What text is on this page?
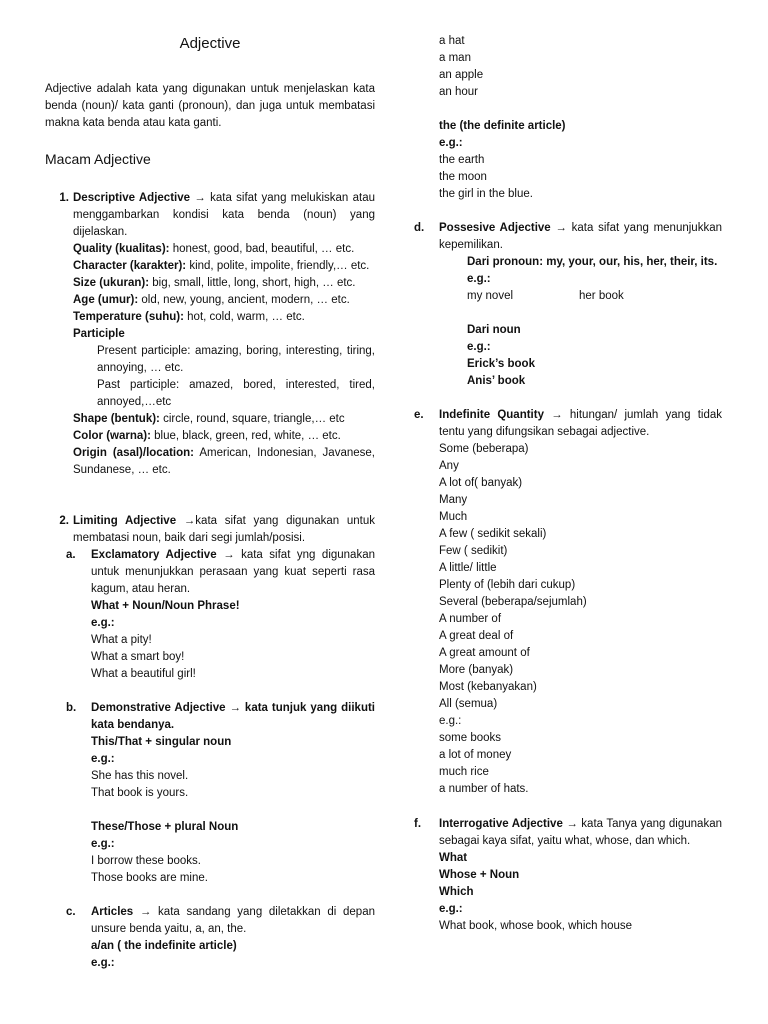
Adjective
Adjective adalah kata yang digunakan untuk menjelaskan kata benda (noun)/ kata ganti (pronoun), dan juga untuk membatasi makna kata benda atau kata ganti.
Macam Adjective
1. Descriptive Adjective → kata sifat yang melukiskan atau menggambarkan kondisi kata benda (noun) yang dijelaskan.
Quality (kualitas): honest, good, bad, beautiful, … etc.
Character (karakter): kind, polite, impolite, friendly,… etc.
Size (ukuran): big, small, little, long, short, high, … etc.
Age (umur): old, new, young, ancient, modern, … etc.
Temperature (suhu): hot, cold, warm, … etc.
Participle
Present participle: amazing, boring, interesting, tiring, annoying, … etc.
Past participle: amazed, bored, interested, tired, annoyed,…etc
Shape (bentuk): circle, round, square, triangle,… etc
Color (warna): blue, black, green, red, white, … etc.
Origin (asal)/location: American, Indonesian, Javanese, Sundanese, … etc.
2. Limiting Adjective →kata sifat yang digunakan untuk membatasi noun, baik dari segi jumlah/posisi.
a.	Exclamatory Adjective → kata sifat yng digunakan untuk menunjukkan perasaan yang kuat seperti rasa kagum, atau heran.
What + Noun/Noun Phrase!
e.g.:
What a pity!
What a smart boy!
What a beautiful girl!
b.	Demonstrative Adjective → kata tunjuk yang diikuti kata bendanya.
This/That + singular noun
e.g.:
She has this novel.
That book is yours.
These/Those + plural Noun
e.g.:
I borrow these books.
Those books are mine.
c.	Articles → kata sandang yang diletakkan di depan unsure benda yaitu, a, an, the.
a/an ( the indefinite article)
e.g.:
a hat
a man
an apple
an hour
the (the definite article)
e.g.:
the earth
the moon
the girl in the blue.
d.	Possesive Adjective → kata sifat yang menunjukkan kepemilikan.
Dari pronoun: my, your, our, his, her, their, its.
e.g.:
my novel	her book
Dari noun
e.g.:
Erick’s book
Anis’ book
e.	Indefinite Quantity → hitungan/ jumlah yang tidak tentu yang difungsikan sebagai adjective.
Some (beberapa)
Any
A lot of( banyak)
Many
Much
A few ( sedikit sekali)
Few ( sedikit)
A little/ little
Plenty of (lebih dari cukup)
Several (beberapa/sejumlah)
A number of
A great deal of
A great amount of
More (banyak)
Most (kebanyakan)
All (semua)
e.g.:
some books
a lot of money
much rice
a number of hats.
f.	Interrogative Adjective → kata Tanya yang digunakan sebagai kaya sifat, yaitu what, whose, dan which.
What
Whose + Noun
Which
e.g.:
What book, whose book, which house
